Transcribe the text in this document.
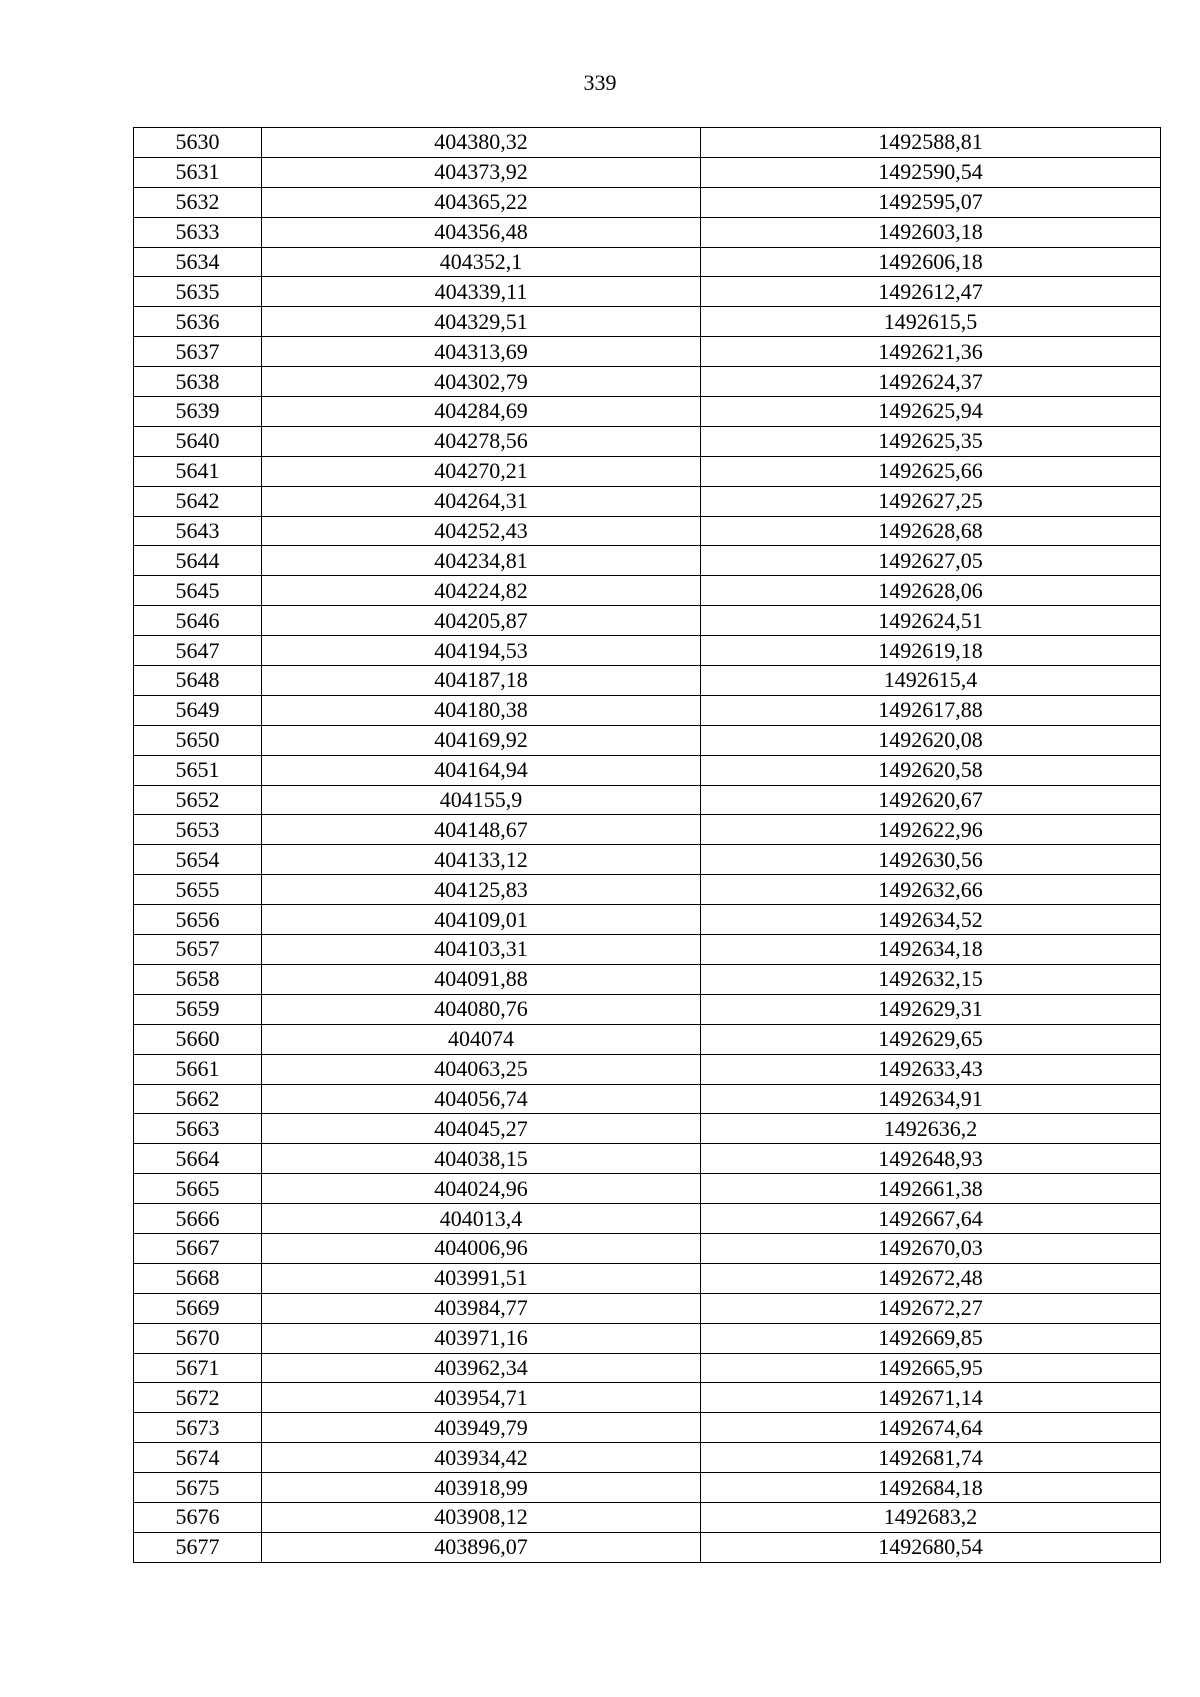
339
5630	404380,32	1492588,81
5631	404373,92	1492590,54
5632	404365,22	1492595,07
5633	404356,48	1492603,18
5634	404352,1	1492606,18
5635	404339,11	1492612,47
5636	404329,51	1492615,5
5637	404313,69	1492621,36
5638	404302,79	1492624,37
5639	404284,69	1492625,94
5640	404278,56	1492625,35
5641	404270,21	1492625,66
5642	404264,31	1492627,25
5643	404252,43	1492628,68
5644	404234,81	1492627,05
5645	404224,82	1492628,06
5646	404205,87	1492624,51
5647	404194,53	1492619,18
5648	404187,18	1492615,4
5649	404180,38	1492617,88
5650	404169,92	1492620,08
5651	404164,94	1492620,58
5652	404155,9	1492620,67
5653	404148,67	1492622,96
5654	404133,12	1492630,56
5655	404125,83	1492632,66
5656	404109,01	1492634,52
5657	404103,31	1492634,18
5658	404091,88	1492632,15
5659	404080,76	1492629,31
5660	404074	1492629,65
5661	404063,25	1492633,43
5662	404056,74	1492634,91
5663	404045,27	1492636,2
5664	404038,15	1492648,93
5665	404024,96	1492661,38
5666	404013,4	1492667,64
5667	404006,96	1492670,03
5668	403991,51	1492672,48
5669	403984,77	1492672,27
5670	403971,16	1492669,85
5671	403962,34	1492665,95
5672	403954,71	1492671,14
5673	403949,79	1492674,64
5674	403934,42	1492681,74
5675	403918,99	1492684,18
5676	403908,12	1492683,2
5677	403896,07	1492680,54
